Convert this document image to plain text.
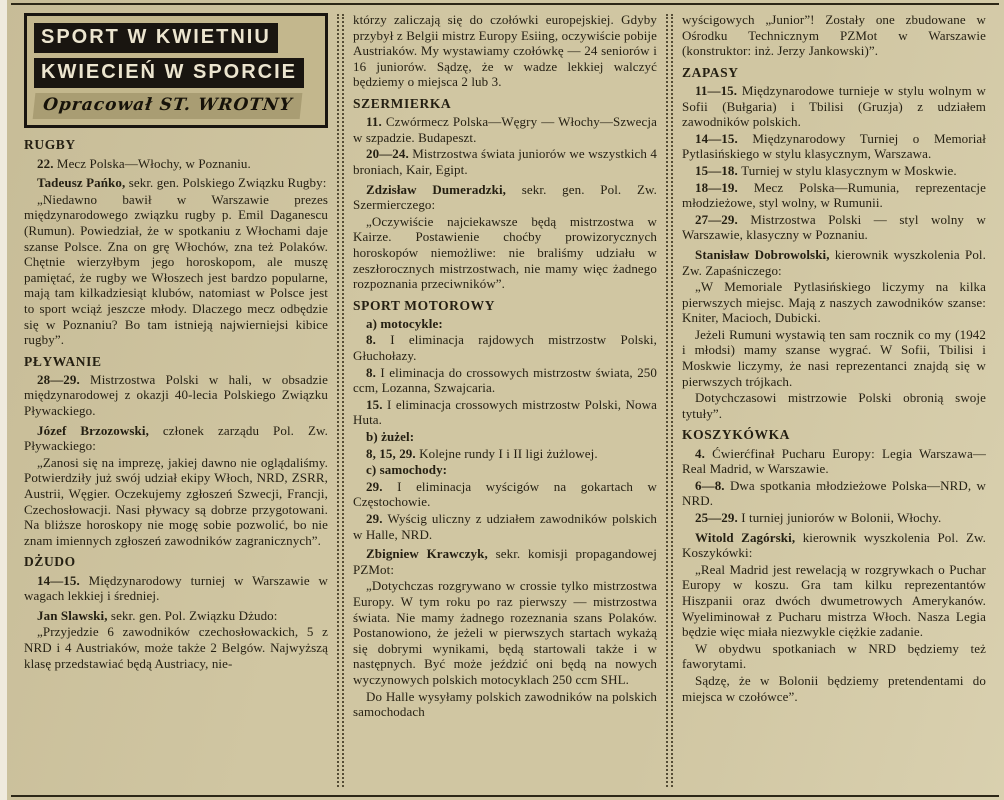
SPORT W KWIETNIU
KWIECIEŃ W SPORCIE
Opracował ST. WROTNY
RUGBY

22. Mecz Polska—Włochy, w Poznaniu.

Tadeusz Pańko, sekr. gen. Polskiego Związku Rugby:

„Niedawno bawił w Warszawie prezes międzynarodowego związku rugby p. Emil Daganescu (Rumun). Powiedział, że w spotkaniu z Włochami daje szanse Polsce. Zna on grę Włochów, zna też Polaków. Chętnie wierzyłbym jego horoskopom, ale muszę pamiętać, że rugby we Włoszech jest bardzo popularne, mają tam kilkadziesiąt klubów, natomiast w Polsce jest to sport wciąż jeszcze młody. Dlaczego mecz odbędzie się w Poznaniu? Bo tam istnieją najwierniejsi kibice rugby”.

PŁYWANIE

28—29. Mistrzostwa Polski w hali, w obsadzie międzynarodowej z okazji 40-lecia Polskiego Związku Pływackiego.

Józef Brzozowski, członek zarządu Pol. Zw. Pływackiego:

„Zanosi się na imprezę, jakiej dawno nie oglądaliśmy. Potwierdziły już swój udział ekipy Włoch, NRD, ZSRR, Austrii, Węgier. Oczekujemy zgłoszeń Szwecji, Francji, Czechosłowacji. Nasi pływacy są dobrze przygotowani. Na bliższe horoskopy nie mogę sobie pozwolić, bo nie znam imiennych zgłoszeń zawodników zagranicznych”.

DŻUDO

14—15. Międzynarodowy turniej w Warszawie w wagach lekkiej i średniej.

Jan Slawski, sekr. gen. Pol. Związku Dżudo:

„Przyjedzie 6 zawodników czechosłowackich, 5 z NRD i 4 Austriaków, może także 2 Belgów. Najwyższą klasę przedstawiać będą Austriacy, nie-

którzy zaliczają się do czołówki europejskiej. Gdyby przybył z Belgii mistrz Europy Esiing, oczywiście pobije Austriaków. My wystawiamy czołówkę — 24 seniorów i 16 juniorów. Sądzę, że w wadze lekkiej walczyć będziemy o miejsca 2 lub 3.

SZERMIERKA

11. Czwórmecz Polska—Węgry — Włochy—Szwecja w szpadzie. Budapeszt.

20—24. Mistrzostwa świata juniorów we wszystkich 4 broniach, Kair, Egipt.

Zdzisław Dumeradzki, sekr. gen. Pol. Zw. Szermierczego:

„Oczywiście najciekawsze będą mistrzostwa w Kairze. Postawienie choćby prowizorycznych horoskopów niemożliwe: nie braliśmy udziału w zeszłorocznych mistrzostwach, nie mamy więc żadnego rozpoznania przeciwników”.

SPORT MOTOROWY

a) motocykle:

8. I eliminacja rajdowych mistrzostw Polski, Głuchołazy.

8. I eliminacja do crossowych mistrzostw świata, 250 ccm, Lozanna, Szwajcaria.

15. I eliminacja crossowych mistrzostw Polski, Nowa Huta.

b) żużel:

8, 15, 29. Kolejne rundy I i II ligi żużlowej.

c) samochody:

29. I eliminacja wyścigów na gokartach w Częstochowie.

29. Wyścig uliczny z udziałem zawodników polskich w Halle, NRD.

Zbigniew Krawczyk, sekr. komisji propagandowej PZMot:

„Dotychczas rozgrywano w crossie tylko mistrzostwa Europy. W tym roku po raz pierwszy — mistrzostwa świata. Nie mamy żadnego rozeznania szans Polaków. Postanowiono, że jeżeli w pierwszych startach wykażą się dobrymi wynikami, będą startowali także i w następnych. Być może jeździć oni będą na nowych wyczynowych polskich motocyklach 250 ccm SHL.

Do Halle wysyłamy polskich zawodników na polskich samochodach

wyścigowych „Junior”! Zostały one zbudowane w Ośrodku Technicznym PZMot w Warszawie (konstruktor: inż. Jerzy Jankowski)”.

ZAPASY

11—15. Międzynarodowe turnieje w stylu wolnym w Sofii (Bułgaria) i Tbilisi (Gruzja) z udziałem zawodników polskich.

14—15. Międzynarodowy Turniej o Memoriał Pytlasińskiego w stylu klasycznym, Warszawa.

15—18. Turniej w stylu klasycznym w Moskwie.

18—19. Mecz Polska—Rumunia, reprezentacje młodzieżowe, styl wolny, w Rumunii.

27—29. Mistrzostwa Polski — styl wolny w Warszawie, klasyczny w Poznaniu.

Stanisław Dobrowolski, kierownik wyszkolenia Pol. Zw. Zapaśniczego:

„W Memoriale Pytlasińskiego liczymy na kilka pierwszych miejsc. Mają z naszych zawodników szanse: Kniter, Macioch, Dubicki.

Jeżeli Rumuni wystawią ten sam rocznik co my (1942 i młodsi) mamy szanse wygrać. W Sofii, Tbilisi i Moskwie liczymy, że nasi reprezentanci znajdą się w pierwszych trójkach.

Dotychczasowi mistrzowie Polski obronią swoje tytuły”.

KOSZYKÓWKA

4. Ćwierćfinał Pucharu Europy: Legia Warszawa—Real Madrid, w Warszawie.

6—8. Dwa spotkania młodzieżowe Polska—NRD, w NRD.

25—29. I turniej juniorów w Bolonii, Włochy.

Witold Zagórski, kierownik wyszkolenia Pol. Zw. Koszykówki:

„Real Madrid jest rewelacją w rozgrywkach o Puchar Europy w koszu. Gra tam kilku reprezentantów Hiszpanii oraz dwóch dwumetrowych Amerykanów. Wyeliminował z Pucharu mistrza Włoch. Nasza Legia będzie więc miała niezwykle ciężkie zadanie.

W obydwu spotkaniach w NRD będziemy też faworytami.

Sądzę, że w Bolonii będziemy pretendentami do miejsca w czołówce”.
